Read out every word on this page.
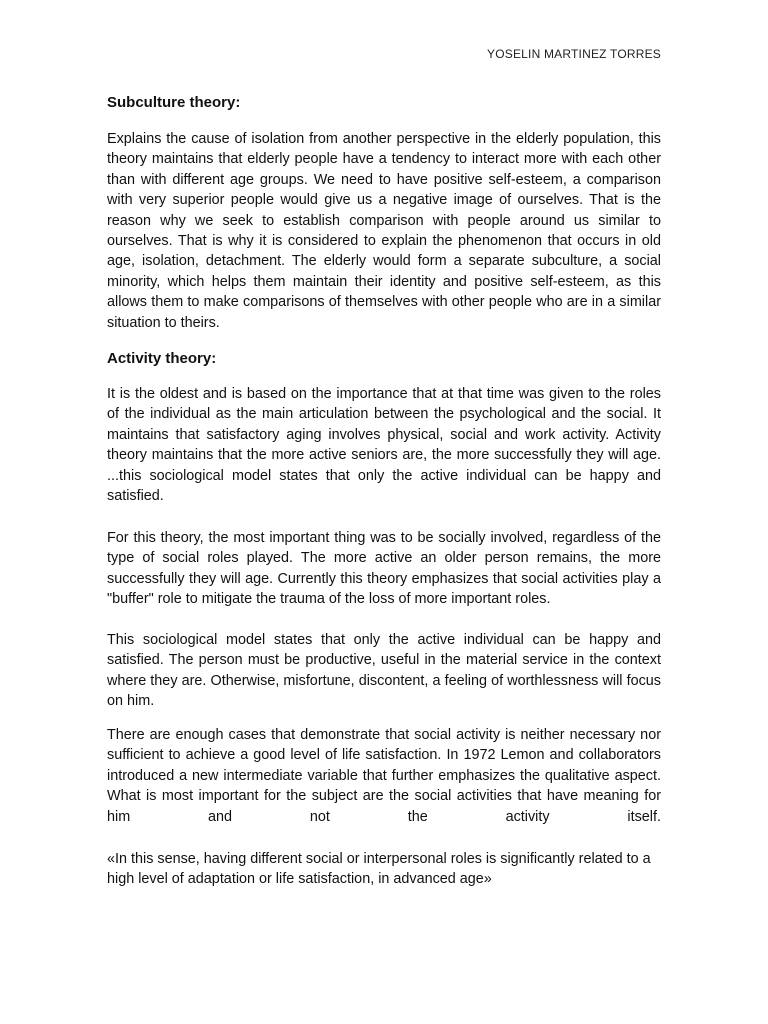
YOSELIN MARTINEZ TORRES
Subculture theory:

Explains the cause of isolation from another perspective in the elderly population, this theory maintains that elderly people have a tendency to interact more with each other than with different age groups. We need to have positive self-esteem, a comparison with very superior people would give us a negative image of ourselves. That is the reason why we seek to establish comparison with people around us similar to ourselves. That is why it is considered to explain the phenomenon that occurs in old age, isolation, detachment. The elderly would form a separate subculture, a social minority, which helps them maintain their identity and positive self-esteem, as this allows them to make comparisons of themselves with other people who are in a similar situation to theirs.

Activity theory:

It is the oldest and is based on the importance that at that time was given to the roles of the individual as the main articulation between the psychological and the social. It maintains that satisfactory aging involves physical, social and work activity. Activity theory maintains that the more active seniors are, the more successfully they will age. ...this sociological model states that only the active individual can be happy and satisfied.

For this theory, the most important thing was to be socially involved, regardless of the type of social roles played. The more active an older person remains, the more successfully they will age. Currently this theory emphasizes that social activities play a "buffer" role to mitigate the trauma of the loss of more important roles.

This sociological model states that only the active individual can be happy and satisfied. The person must be productive, useful in the material service in the context where they are. Otherwise, misfortune, discontent, a feeling of worthlessness will focus on him.

There are enough cases that demonstrate that social activity is neither necessary nor sufficient to achieve a good level of life satisfaction. In 1972 Lemon and collaborators introduced a new intermediate variable that further emphasizes the qualitative aspect. What is most important for the subject are the social activities that have meaning for him and not the activity itself.

«In this sense, having different social or interpersonal roles is significantly related to a high level of adaptation or life satisfaction, in advanced age»
